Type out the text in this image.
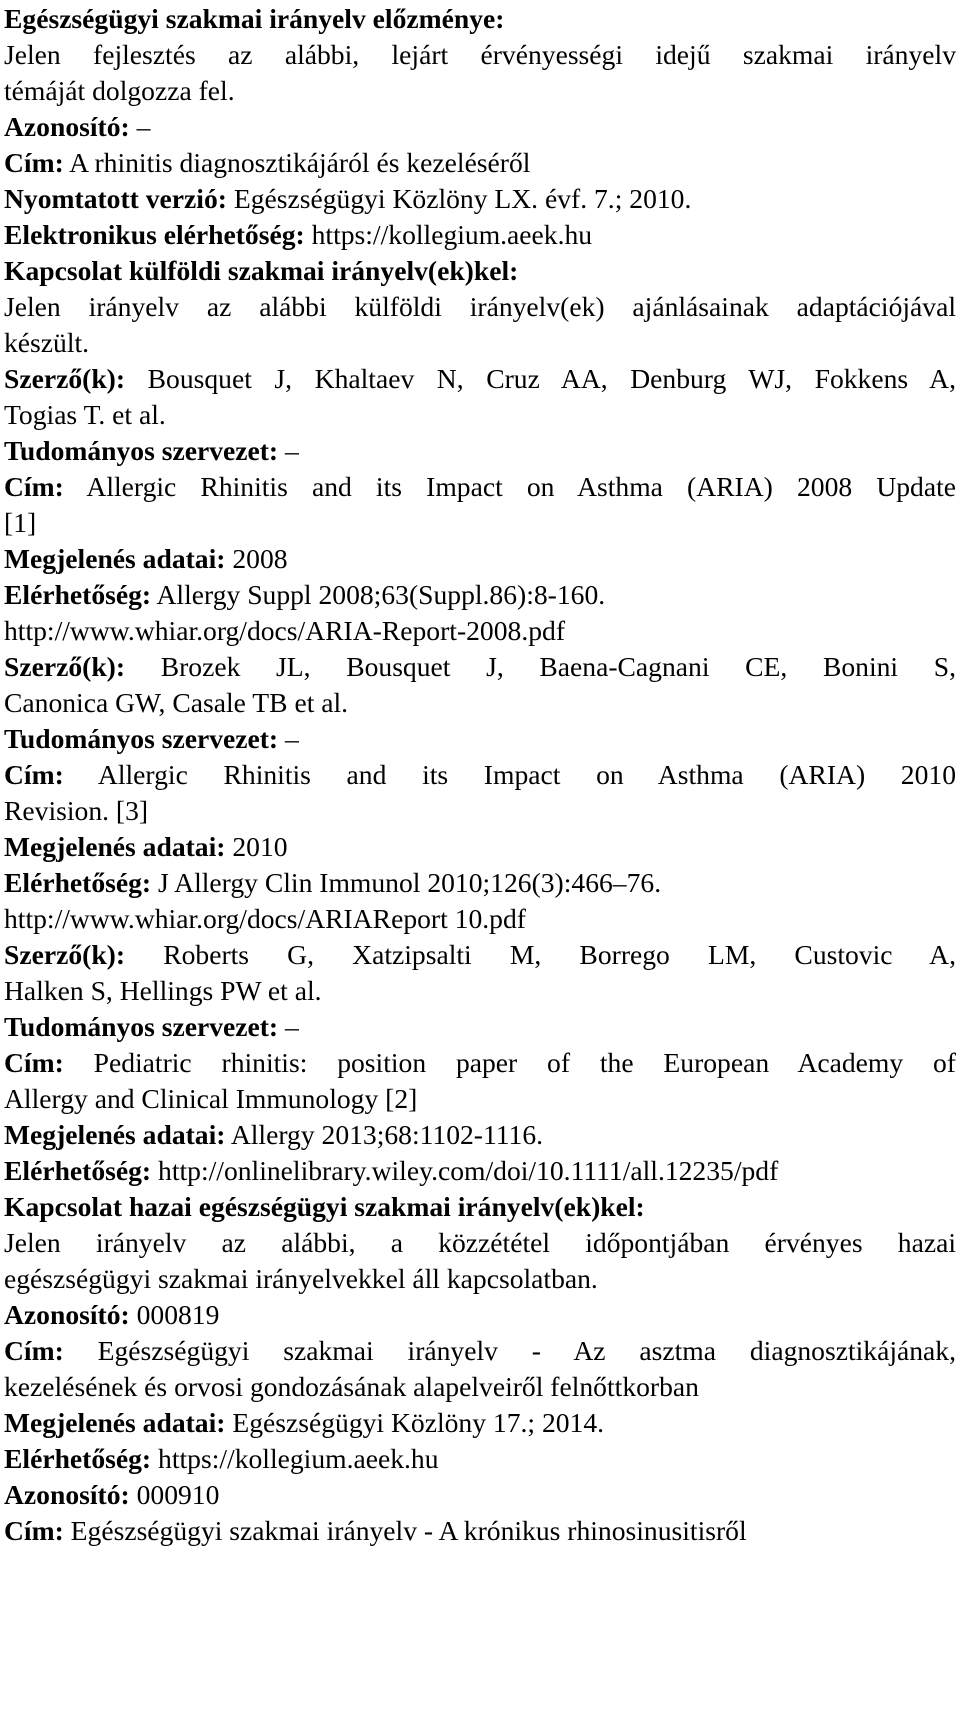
Egészségügyi szakmai irányelv előzménye:
Jelen fejlesztés az alábbi, lejárt érvényességi idejű szakmai irányelv
témáját dolgozza fel.
Azonosító: –
Cím: A rhinitis diagnosztikájáról és kezeléséről
Nyomtatott verzió: Egészségügyi Közlöny LX. évf. 7.; 2010.
Elektronikus elérhetőség: https://kollegium.aeek.hu
Kapcsolat külföldi szakmai irányelv(ek)kel:
Jelen irányelv az alábbi külföldi irányelv(ek) ajánlásainak adaptációjával
készült.
Szerző(k): Bousquet J, Khaltaev N, Cruz AA, Denburg WJ, Fokkens A,
Togias T. et al.
Tudományos szervezet: –
Cím: Allergic Rhinitis and its Impact on Asthma (ARIA) 2008 Update
[1]
Megjelenés adatai: 2008
Elérhetőség: Allergy Suppl 2008;63(Suppl.86):8-160.
http://www.whiar.org/docs/ARIA-Report-2008.pdf
Szerző(k): Brozek JL, Bousquet J, Baena-Cagnani CE, Bonini S,
Canonica GW, Casale TB et al.
Tudományos szervezet: –
Cím: Allergic Rhinitis and its Impact on Asthma (ARIA) 2010
Revision. [3]
Megjelenés adatai: 2010
Elérhetőség: J Allergy Clin Immunol 2010;126(3):466–76.
http://www.whiar.org/docs/ARIAReport 10.pdf
Szerző(k): Roberts G, Xatzipsalti M, Borrego LM, Custovic A,
Halken S, Hellings PW et al.
Tudományos szervezet: –
Cím: Pediatric rhinitis: position paper of the European Academy of
Allergy and Clinical Immunology [2]
Megjelenés adatai: Allergy 2013;68:1102-1116.
Elérhetőség: http://onlinelibrary.wiley.com/doi/10.1111/all.12235/pdf
Kapcsolat hazai egészségügyi szakmai irányelv(ek)kel:
Jelen irányelv az alábbi, a közzététel időpontjában érvényes hazai
egészségügyi szakmai irányelvekkel áll kapcsolatban.
Azonosító: 000819
Cím: Egészségügyi szakmai irányelv - Az asztma diagnosztikájának,
kezelésének és orvosi gondozásának alapelveiről felnőttkorban
Megjelenés adatai: Egészségügyi Közlöny 17.; 2014.
Elérhetőség: https://kollegium.aeek.hu
Azonosító: 000910
Cím: Egészségügyi szakmai irányelv - A krónikus rhinosinusitisről
